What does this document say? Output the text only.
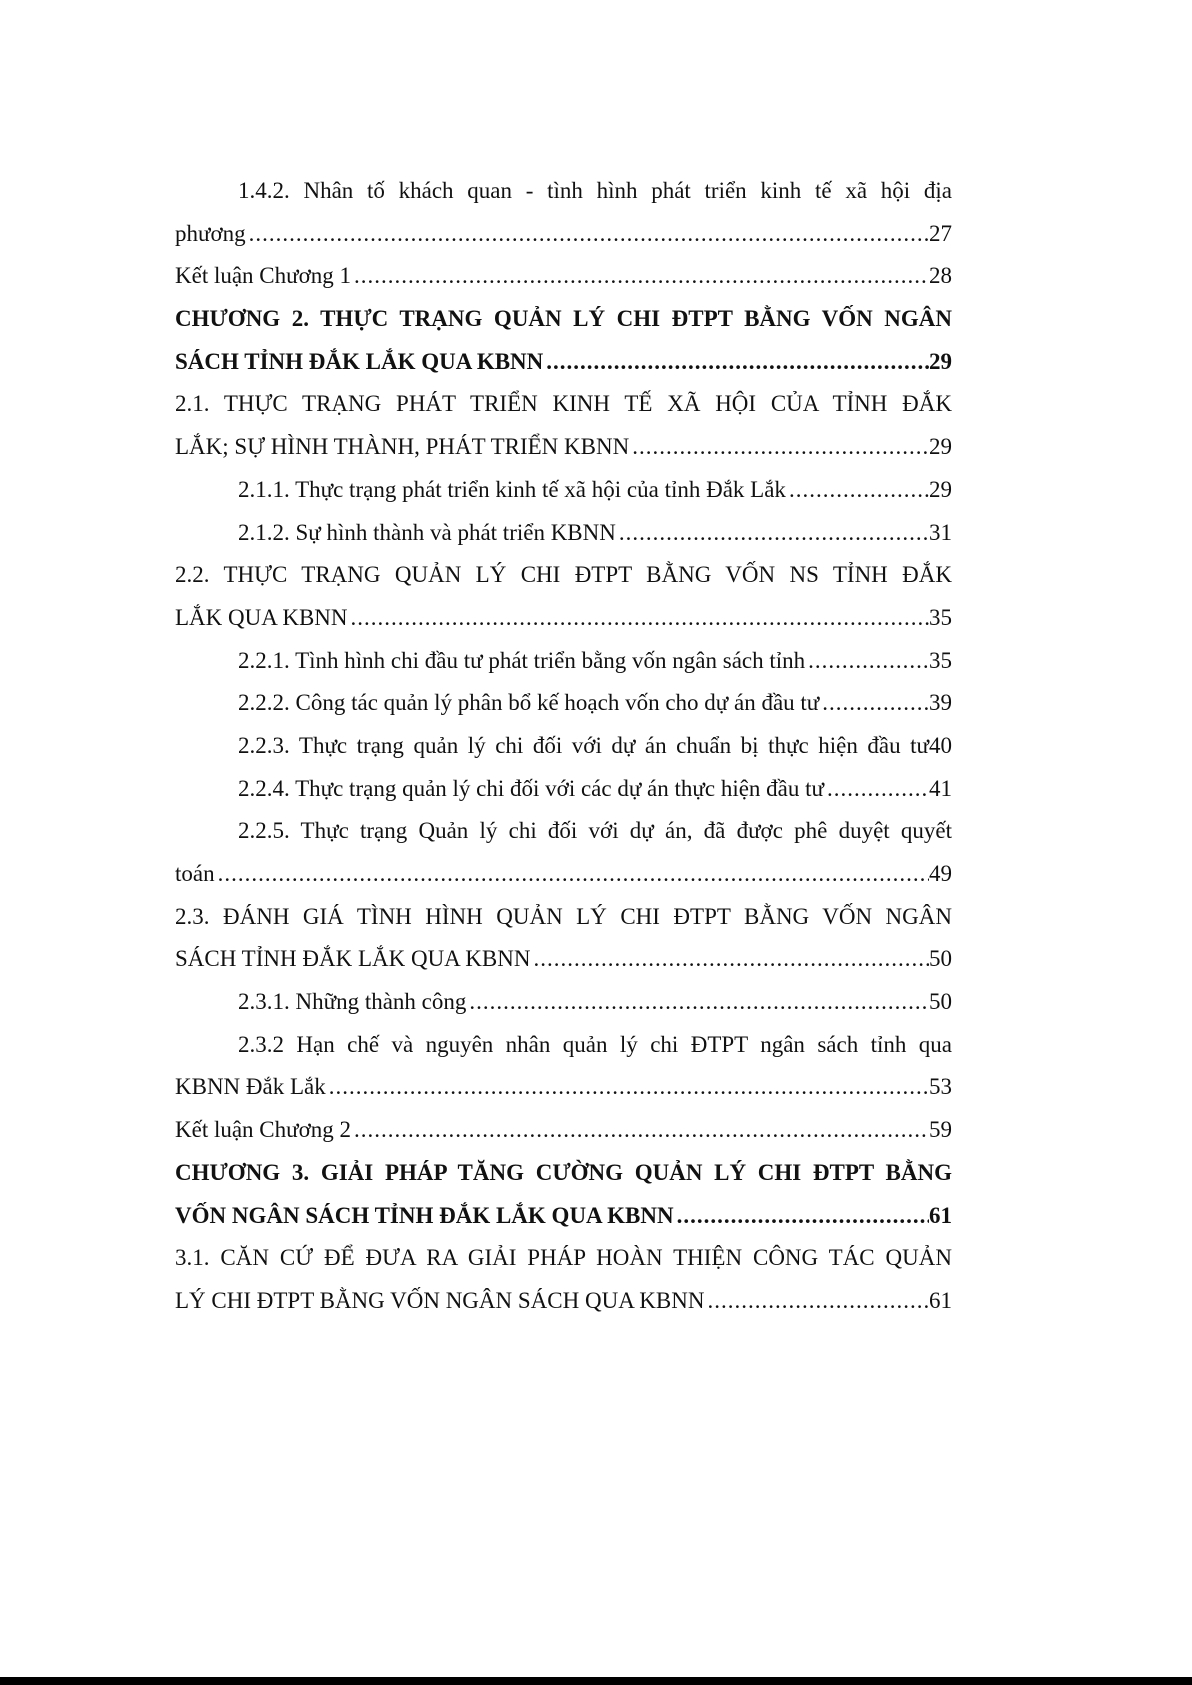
1.4.2. Nhân tố khách quan - tình hình phát triển kinh tế xã hội địa
phương .....	27
Kết luận Chương 1 .....	28
CHƯƠNG 2. THỰC TRẠNG QUẢN LÝ CHI ĐTPT BẰNG VỐN NGÂN
SÁCH TỈNH ĐẮK LẮK QUA KBNN .....	29
2.1. THỰC TRẠNG PHÁT TRIỂN KINH TẾ XÃ HỘI CỦA TỈNH ĐẮK
LẮK; SỰ HÌNH THÀNH, PHÁT TRIỂN KBNN .....	29
2.1.1. Thực trạng phát triển kinh tế xã hội của tỉnh Đắk Lắk .....	29
2.1.2. Sự hình thành và phát triển KBNN .....	31
2.2. THỰC TRẠNG QUẢN LÝ CHI ĐTPT BẰNG VỐN NS TỈNH ĐẮK
LẮK QUA KBNN .....	35
2.2.1. Tình hình chi đầu tư phát triển bằng vốn ngân sách tỉnh .....	35
2.2.2. Công tác quản lý phân bổ kế hoạch vốn cho dự án đầu tư .....	39
2.2.3. Thực trạng quản lý chi đối với dự án chuẩn bị thực hiện đầu tư40
2.2.4. Thực trạng quản lý chi đối với các dự án thực hiện đầu tư .....	41
2.2.5. Thực trạng Quản lý chi đối với dự án, đã được phê duyệt quyết
toán .....	49
2.3. ĐÁNH GIÁ TÌNH HÌNH QUẢN LÝ CHI ĐTPT BẰNG VỐN NGÂN
SÁCH TỈNH ĐẮK LẮK QUA KBNN .....	50
2.3.1. Những thành công .....	50
2.3.2 Hạn chế và nguyên nhân quản lý chi ĐTPT ngân sách tỉnh qua
KBNN Đắk Lắk .....	53
Kết luận Chương 2 .....	59
CHƯƠNG 3. GIẢI PHÁP TĂNG CƯỜNG QUẢN LÝ CHI ĐTPT BẰNG
VỐN NGÂN SÁCH TỈNH ĐẮK LẮK QUA KBNN .....	61
3.1. CĂN CỨ ĐỂ ĐƯA RA GIẢI PHÁP HOÀN THIỆN CÔNG TÁC QUẢN
LÝ CHI ĐTPT BẰNG VỐN NGÂN SÁCH QUA KBNN .....	61
